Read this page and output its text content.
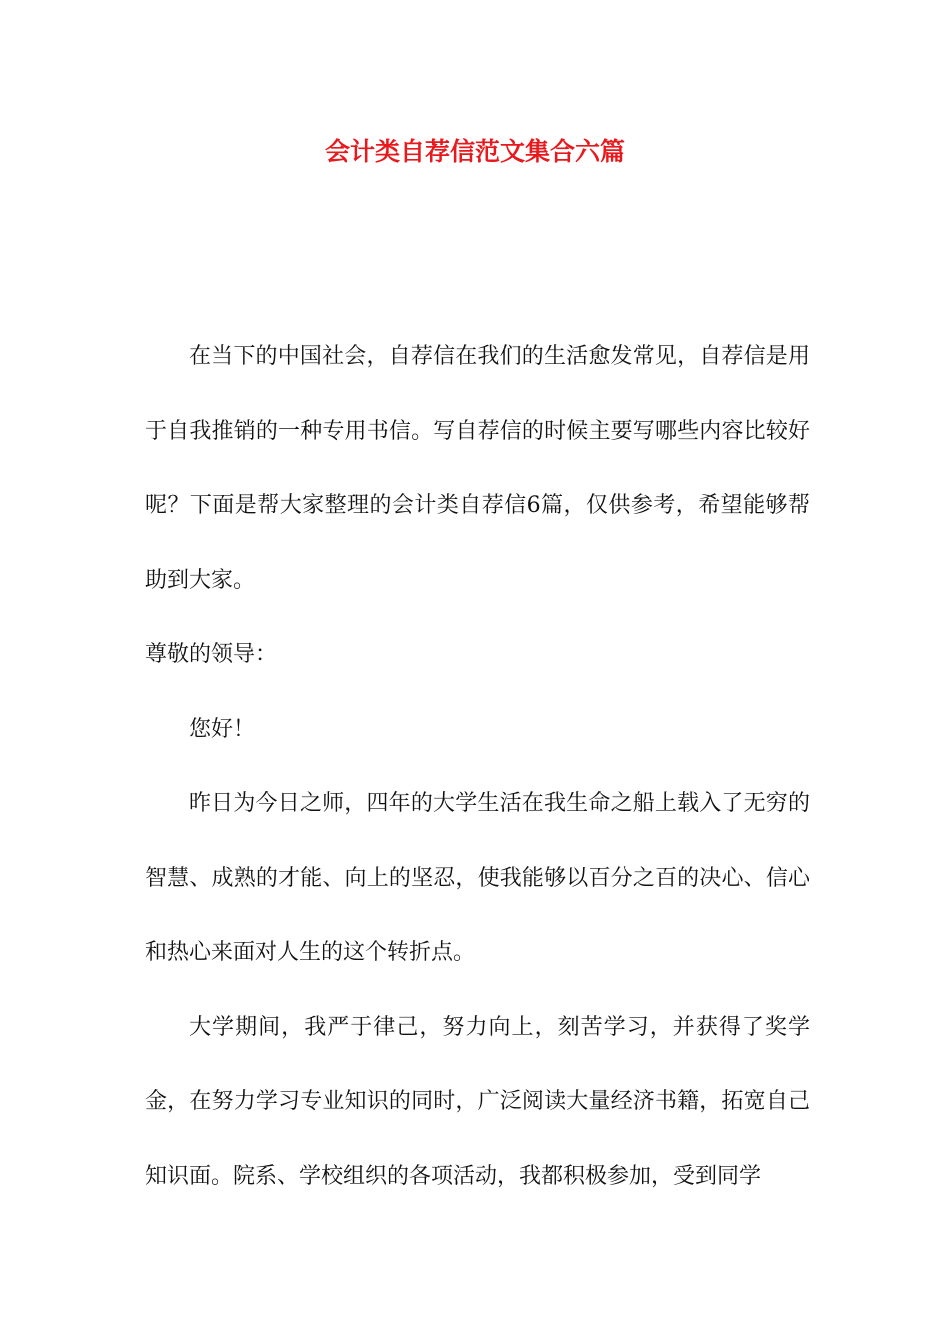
会计类自荐信范文集合六篇

在当下的中国社会，自荐信在我们的生活愈发常见，自荐信是用于自我推销的一种专用书信。写自荐信的时候主要写哪些内容比较好呢？下面是帮大家整理的会计类自荐信6篇，仅供参考，希望能够帮助到大家。

尊敬的领导：

您好！

昨日为今日之师，四年的大学生活在我生命之船上载入了无穷的智慧、成熟的才能、向上的坚忍，使我能够以百分之百的决心、信心和热心来面对人生的这个转折点。

大学期间，我严于律己，努力向上，刻苦学习，并获得了奖学金，在努力学习专业知识的同时，广泛阅读大量经济书籍，拓宽自己知识面。院系、学校组织的各项活动，我都积极参加，受到同学
